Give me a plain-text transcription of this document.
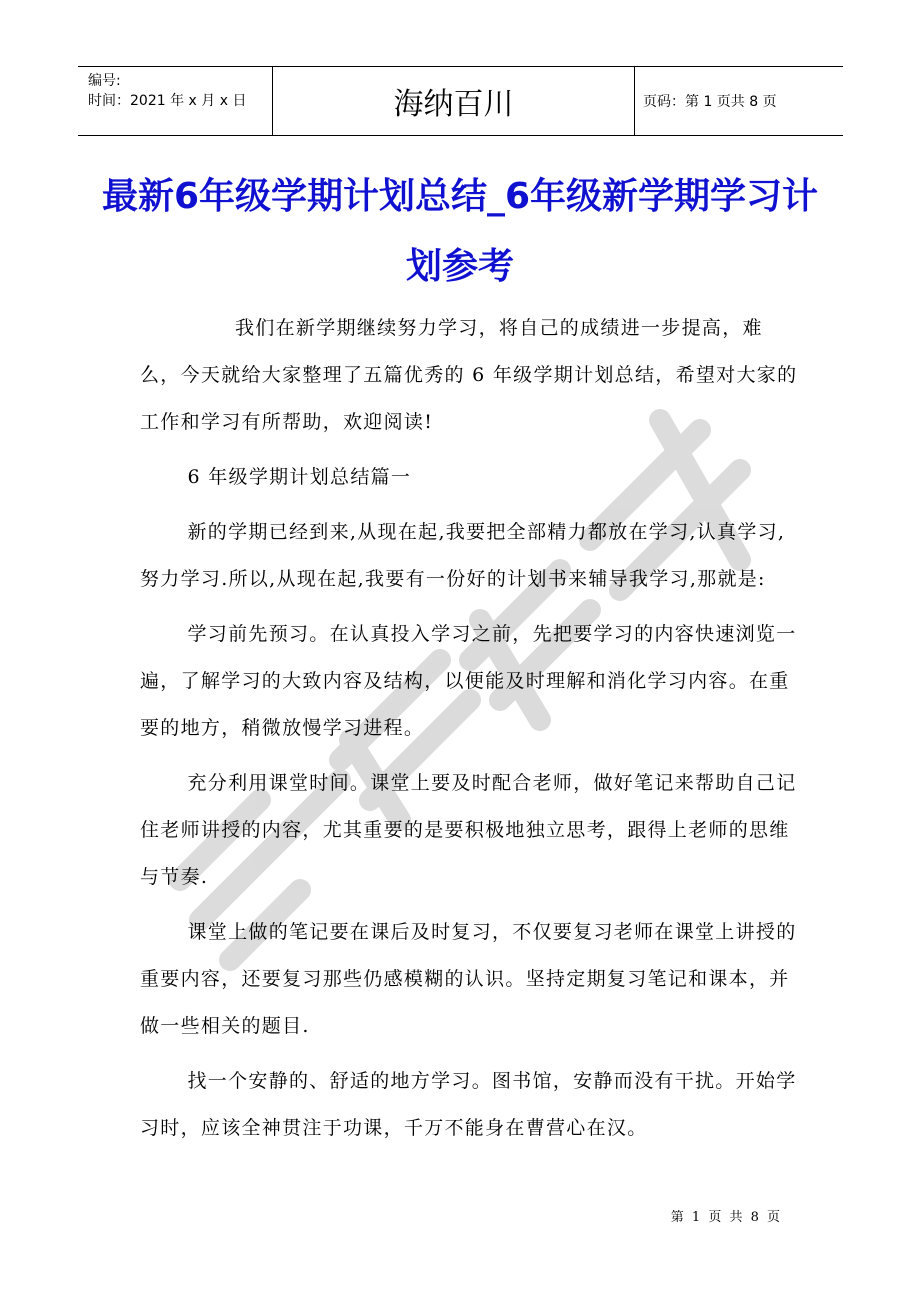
编号:
时间：2021 年 x 月 x 日	海纳百川	页码：第 1 页共 8 页
最新6年级学期计划总结_6年级新学期学习计划参考
严禁复制

我们在新学期继续努力学习，将自己的成绩进一步提高，难么，今天就给大家整理了五篇优秀的 6 年级学期计划总结，希望对大家的工作和学习有所帮助，欢迎阅读!

6 年级学期计划总结篇一

新的学期已经到来,从现在起,我要把全部精力都放在学习,认真学习,努力学习.所以,从现在起,我要有一份好的计划书来辅导我学习,那就是:

学习前先预习。在认真投入学习之前，先把要学习的内容快速浏览一遍，了解学习的大致内容及结构，以便能及时理解和消化学习内容。在重要的地方，稍微放慢学习进程。

充分利用课堂时间。课堂上要及时配合老师，做好笔记来帮助自己记住老师讲授的内容，尤其重要的是要积极地独立思考，跟得上老师的思维与节奏.

课堂上做的笔记要在课后及时复习，不仅要复习老师在课堂上讲授的重要内容，还要复习那些仍感模糊的认识。坚持定期复习笔记和课本，并做一些相关的题目.

找一个安静的、舒适的地方学习。图书馆，安静而没有干扰。开始学习时，应该全神贯注于功课，千万不能身在曹营心在汉。

第 1 页 共 8 页
